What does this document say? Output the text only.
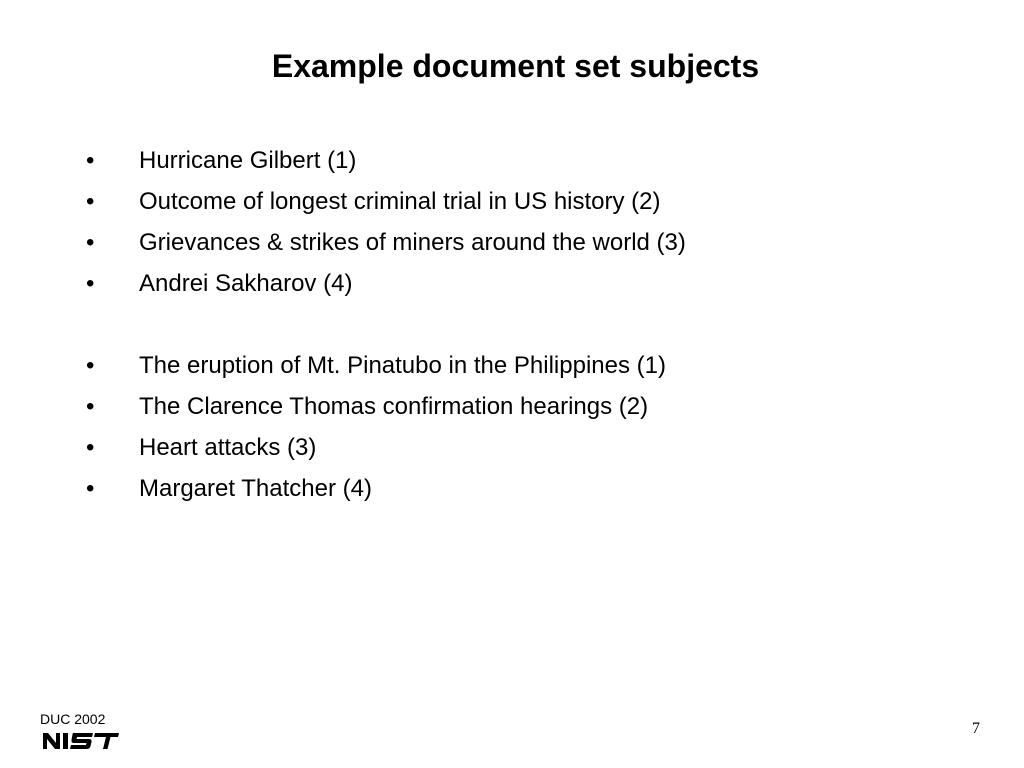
Example document set subjects
• Hurricane Gilbert (1)
• Outcome of longest criminal trial in US history (2)
• Grievances & strikes of miners around the world (3)
• Andrei Sakharov (4)
• The eruption of Mt. Pinatubo in the Philippines (1)
• The Clarence Thomas confirmation hearings (2)
• Heart attacks (3)
• Margaret Thatcher (4)
DUC 2002
7
